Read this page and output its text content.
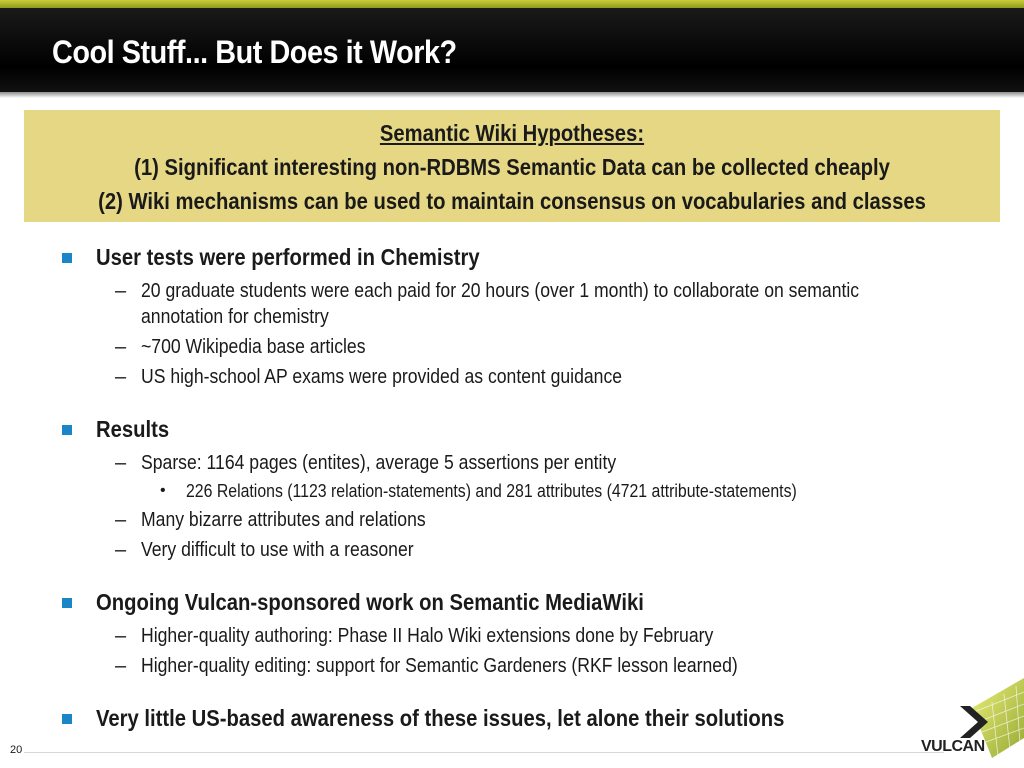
Cool Stuff... But Does it Work?
Semantic Wiki Hypotheses:
(1) Significant interesting non-RDBMS Semantic Data can be collected cheaply
(2) Wiki mechanisms can be used to maintain consensus on vocabularies and classes
User tests were performed in Chemistry
– 20 graduate students were each paid for 20 hours (over 1 month) to collaborate on semantic annotation for chemistry
– ~700 Wikipedia base articles
– US high-school AP exams were provided as content guidance
Results
– Sparse: 1164 pages (entites), average 5 assertions per entity
• 226 Relations (1123 relation-statements) and 281 attributes (4721 attribute-statements)
– Many bizarre attributes and relations
– Very difficult to use with a reasoner
Ongoing Vulcan-sponsored work on Semantic MediaWiki
– Higher-quality authoring: Phase II Halo Wiki extensions done by February
– Higher-quality editing: support for Semantic Gardeners (RKF lesson learned)
Very little US-based awareness of these issues, let alone their solutions
20	VULCAN
